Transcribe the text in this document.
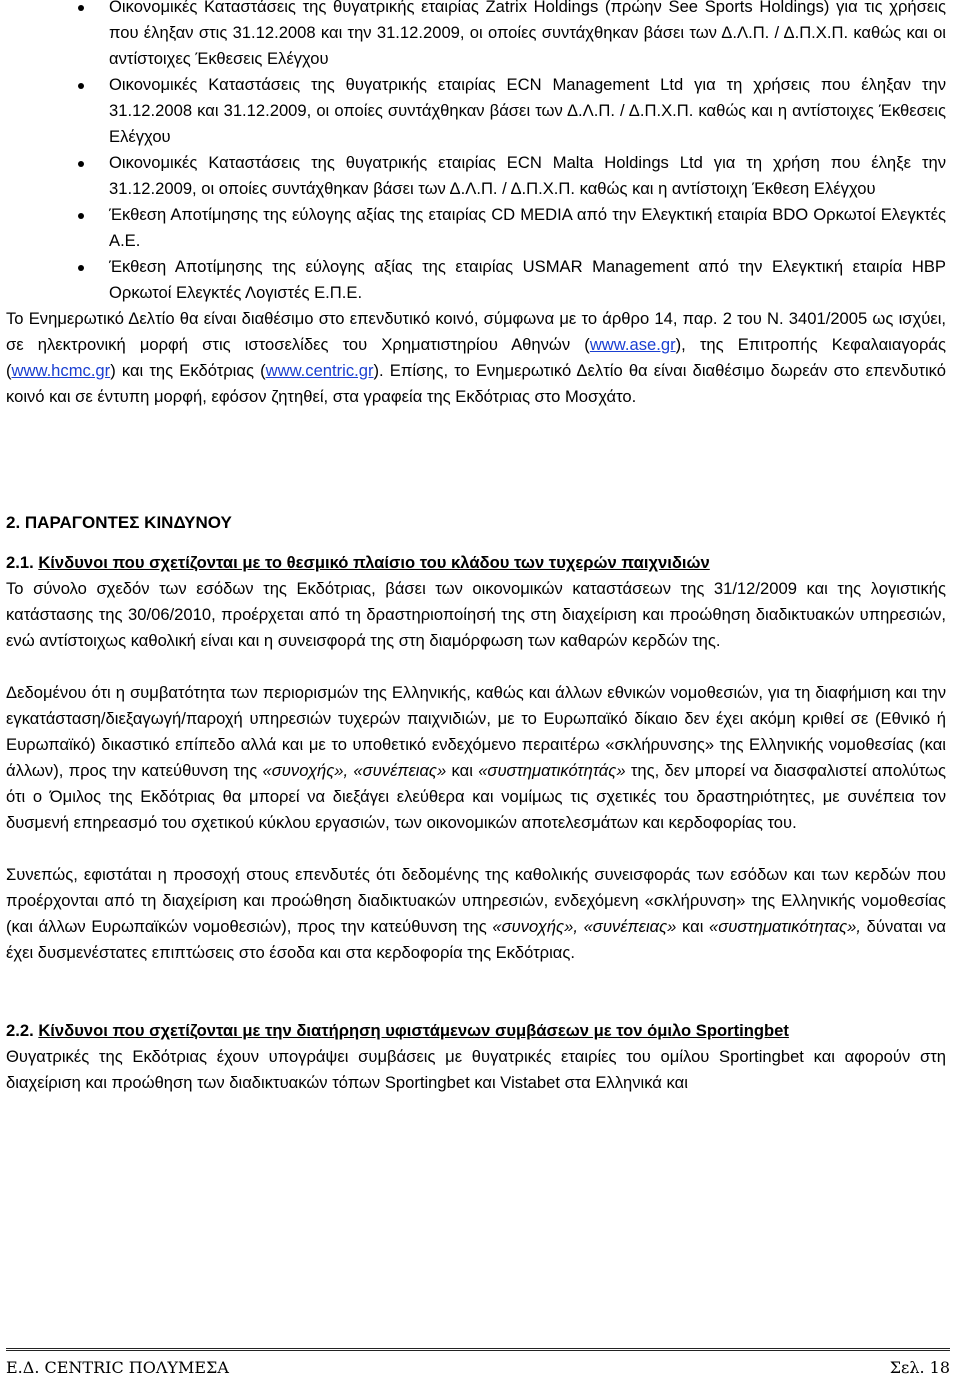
Οικονομικές Καταστάσεις της θυγατρικής εταιρίας Zatrix Holdings (πρώην See Sports Holdings) για τις χρήσεις που έληξαν στις 31.12.2008 και την 31.12.2009, οι οποίες συντάχθηκαν βάσει των Δ.Λ.Π. / Δ.Π.Χ.Π. καθώς και οι αντίστοιχες Έκθεσεις Ελέγχου
Οικονομικές Καταστάσεις της θυγατρικής εταιρίας ECN Management Ltd για τη χρήσεις που έληξαν την 31.12.2008 και 31.12.2009, οι οποίες συντάχθηκαν βάσει των Δ.Λ.Π. / Δ.Π.Χ.Π. καθώς και η αντίστοιχες Έκθεσεις Ελέγχου
Οικονομικές Καταστάσεις της θυγατρικής εταιρίας ECN Malta Holdings Ltd για τη χρήση που έληξε την 31.12.2009, οι οποίες συντάχθηκαν βάσει των Δ.Λ.Π. / Δ.Π.Χ.Π. καθώς και η αντίστοιχη Έκθεση Ελέγχου
Έκθεση Αποτίμησης της εύλογης αξίας της εταιρίας CD MEDIA από την Ελεγκτική εταιρία BDO Ορκωτοί Ελεγκτές Α.Ε.
Έκθεση Αποτίμησης της εύλογης αξίας της εταιρίας USMAR Management από την Ελεγκτική εταιρία HBP Ορκωτοί Ελεγκτές Λογιστές Ε.Π.Ε.

Το Ενημερωτικό Δελτίο θα είναι διαθέσιμο στο επενδυτικό κοινό, σύμφωνα με το άρθρο 14, παρ. 2 του Ν. 3401/2005 ως ισχύει, σε ηλεκτρονική μορφή στις ιστοσελίδες του Χρηματιστηρίου Αθηνών (www.ase.gr), της Επιτροπής Κεφαλαιαγοράς (www.hcmc.gr) και της Εκδότριας (www.centric.gr). Επίσης, το Ενημερωτικό Δελτίο θα είναι διαθέσιμο δωρεάν στο επενδυτικό κοινό και σε έντυπη μορφή, εφόσον ζητηθεί, στα γραφεία της Εκδότριας στο Μοσχάτο.

2. ΠΑΡΑΓΟΝΤΕΣ ΚΙΝΔΥΝΟΥ
2.1. Κίνδυνοι που σχετίζονται με το θεσμικό πλαίσιο του κλάδου των τυχερών παιχνιδιών

Το σύνολο σχεδόν των εσόδων της Εκδότριας, βάσει των οικονομικών καταστάσεων της 31/12/2009 και της λογιστικής κατάστασης της 30/06/2010, προέρχεται από τη δραστηριοποίησή της στη διαχείριση και προώθηση διαδικτυακών υπηρεσιών, ενώ αντίστοιχως καθολική είναι και η συνεισφορά της στη διαμόρφωση των καθαρών κερδών της.

Δεδομένου ότι η συμβατότητα των περιορισμών της Ελληνικής, καθώς και άλλων εθνικών νομοθεσιών, για τη διαφήμιση και την εγκατάσταση/διεξαγωγή/παροχή υπηρεσιών τυχερών παιχνιδιών, με το Ευρωπαϊκό δίκαιο δεν έχει ακόμη κριθεί σε (Εθνικό ή Ευρωπαϊκό) δικαστικό επίπεδο αλλά και με το υποθετικό ενδεχόμενο περαιτέρω «σκλήρυνσης» της Ελληνικής νομοθεσίας (και άλλων), προς την κατεύθυνση της «συνοχής», «συνέπειας» και «συστηματικότητάς» της, δεν μπορεί να διασφαλιστεί απολύτως ότι ο Όμιλος της Εκδότριας θα μπορεί να διεξάγει ελεύθερα και νομίμως τις σχετικές του δραστηριότητες, με συνέπεια τον δυσμενή επηρεασμό του σχετικού κύκλου εργασιών, των οικονομικών αποτελεσμάτων και κερδοφορίας του.

Συνεπώς, εφιστάται η προσοχή στους επενδυτές ότι δεδομένης της καθολικής συνεισφοράς των εσόδων και των κερδών που προέρχονται από τη διαχείριση και προώθηση διαδικτυακών υπηρεσιών, ενδεχόμενη «σκλήρυνση» της Ελληνικής νομοθεσίας (και άλλων Ευρωπαϊκών νομοθεσιών), προς την κατεύθυνση της «συνοχής», «συνέπειας» και «συστηματικότητας», δύναται να έχει δυσμενέστατες επιπτώσεις στο έσοδα και στα κερδοφορία της Εκδότριας.

2.2. Κίνδυνοι που σχετίζονται με την διατήρηση υφιστάμενων συμβάσεων με τον όμιλο Sportingbet

Θυγατρικές της Εκδότριας έχουν υπογράψει συμβάσεις με θυγατρικές εταιρίες του ομίλου Sportingbet και αφορούν στη διαχείριση και προώθηση των διαδικτυακών τόπων Sportingbet και Vistabet στα Ελληνικά και

Ε.Δ. CENTRIC ΠΟΛΥΜΕΣΑ	Σελ. 18
